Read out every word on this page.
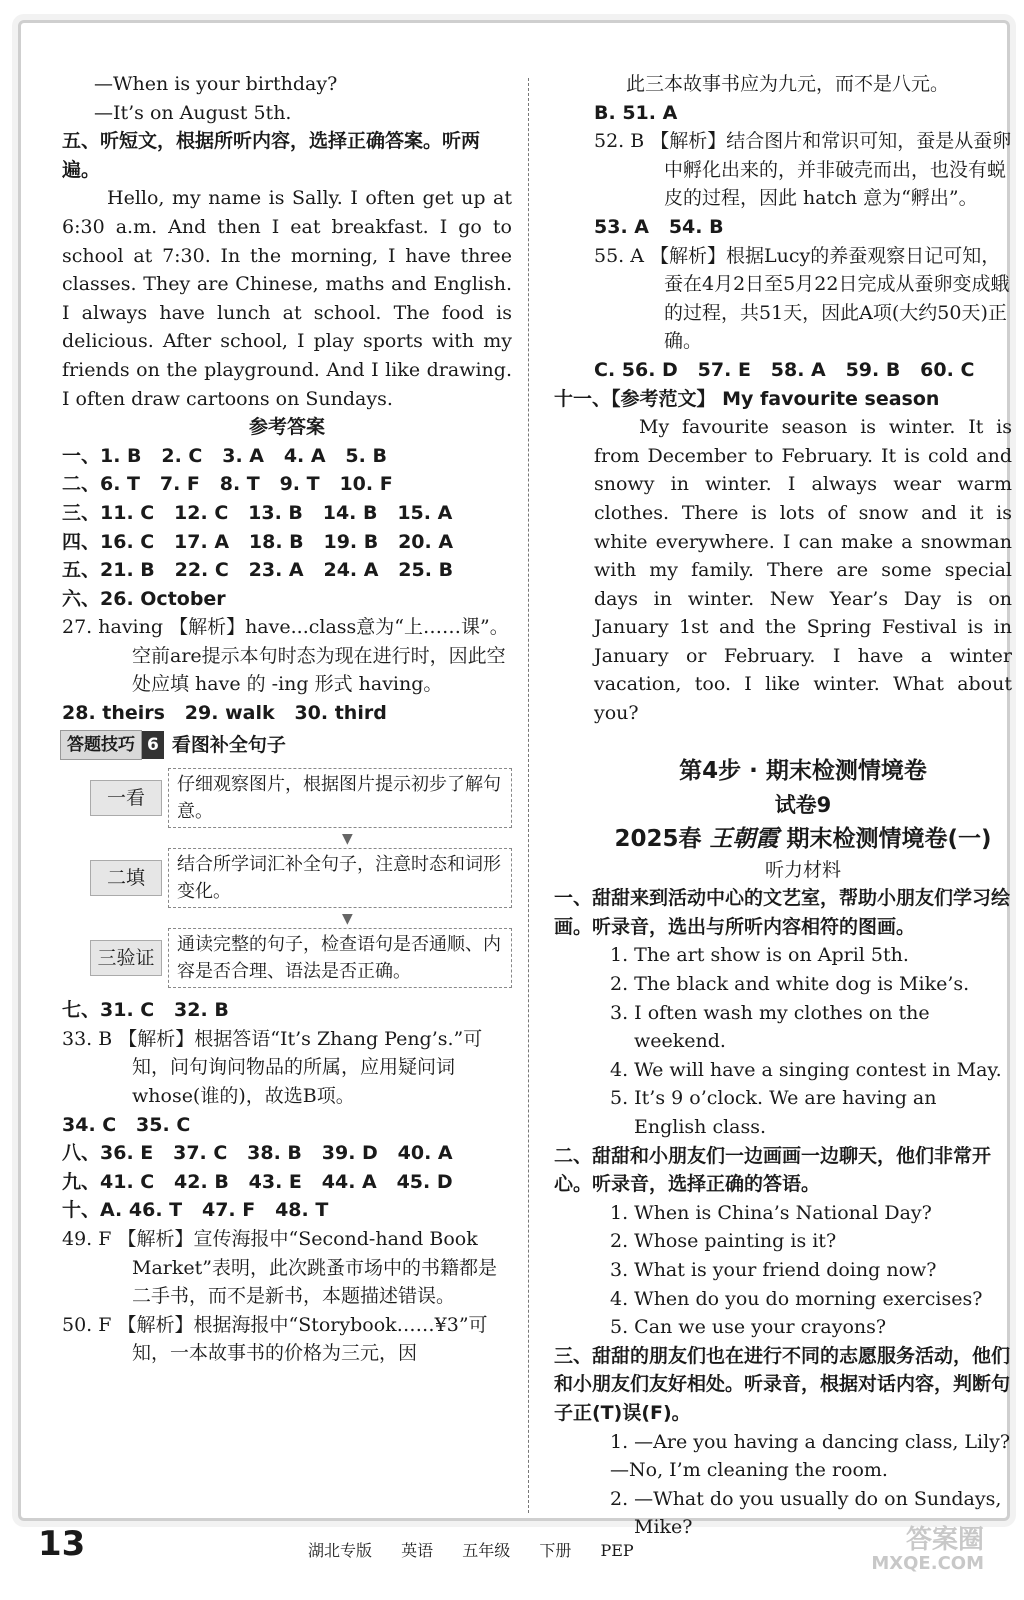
—When is your birthday?

—It’s on August 5th.

五、听短文，根据所听内容，选择正确答案。听两遍。

Hello, my name is Sally. I often get up at 6:30 a.m. And then I eat breakfast. I go to school at 7:30. In the morning, I have three classes. They are Chinese, maths and English. I always have lunch at school. The food is delicious. After school, I play sports with my friends on the playground. And I like drawing. I often draw cartoons on Sundays.

参考答案

一、1. B   2. C   3. A   4. A   5. B

二、6. T   7. F   8. T   9. T   10. F

三、11. C   12. C   13. B   14. B   15. A

四、16. C   17. A   18. B   19. B   20. A

五、21. B   22. C   23. A   24. A   25. B

六、26. October

27. having 【解析】have...class意为“上……课”。空前are提示本句时态为现在进行时，因此空处应填 have 的 -ing 形式 having。

28. theirs   29. walk   30. third

答题技巧 6 看图补全句子
一看
仔细观察图片，根据图片提示初步了解句意。
▼
二填
结合所学词汇补全句子，注意时态和词形变化。
▼
三验证
通读完整的句子，检查语句是否通顺、内容是否合理、语法是否正确。

七、31. C   32. B

33. B 【解析】根据答语“It’s Zhang Peng’s.”可知，问句询问物品的所属，应用疑问词 whose(谁的)，故选B项。

34. C   35. C

八、36. E   37. C   38. B   39. D   40. A

九、41. C   42. B   43. E   44. A   45. D

十、A. 46. T   47. F   48. T

49. F 【解析】宣传海报中“Second-hand Book Market”表明，此次跳蚤市场中的书籍都是二手书，而不是新书，本题描述错误。

50. F 【解析】根据海报中“Storybook……¥3”可知，一本故事书的价格为三元，因

此三本故事书应为九元，而不是八元。

B. 51. A

52. B 【解析】结合图片和常识可知，蚕是从蚕卵中孵化出来的，并非破壳而出，也没有蜕皮的过程，因此 hatch 意为“孵出”。

53. A   54. B

55. A 【解析】根据Lucy的养蚕观察日记可知，蚕在4月2日至5月22日完成从蚕卵变成蛾的过程，共51天，因此A项(大约50天)正确。

C. 56. D   57. E   58. A   59. B   60. C

十一、【参考范文】 My favourite season

My favourite season is winter. It is from December to February. It is cold and snowy in winter. I always wear warm clothes. There is lots of snow and it is white everywhere. I can make a snowman with my family. There are some special days in winter. New Year’s Day is on January 1st and the Spring Festival is in January or February. I have a winter vacation, too. I like winter. What about you?

第4步 · 期末检测情境卷

试卷9

2025春 王朝霞 期末检测情境卷(一)

听力材料

一、甜甜来到活动中心的文艺室，帮助小朋友们学习绘画。听录音，选出与所听内容相符的图画。

1. The art show is on April 5th.

2. The black and white dog is Mike’s.

3. I often wash my clothes on the weekend.

4. We will have a singing contest in May.

5. It’s 9 o’clock. We are having an English class.

二、甜甜和小朋友们一边画画一边聊天，他们非常开心。听录音，选择正确的答语。

1. When is China’s National Day?

2. Whose painting is it?

3. What is your friend doing now?

4. When do you do morning exercises?

5. Can we use your crayons?

三、甜甜的朋友们也在进行不同的志愿服务活动，他们和小朋友们友好相处。听录音，根据对话内容，判断句子正(T)误(F)。

1. —Are you having a dancing class, Lily?

—No, I’m cleaning the room.

2. —What do you usually do on Sundays, Mike?

13	湖北专版 英语 五年级 下册 PEP	答案圈
MXQE.COM
